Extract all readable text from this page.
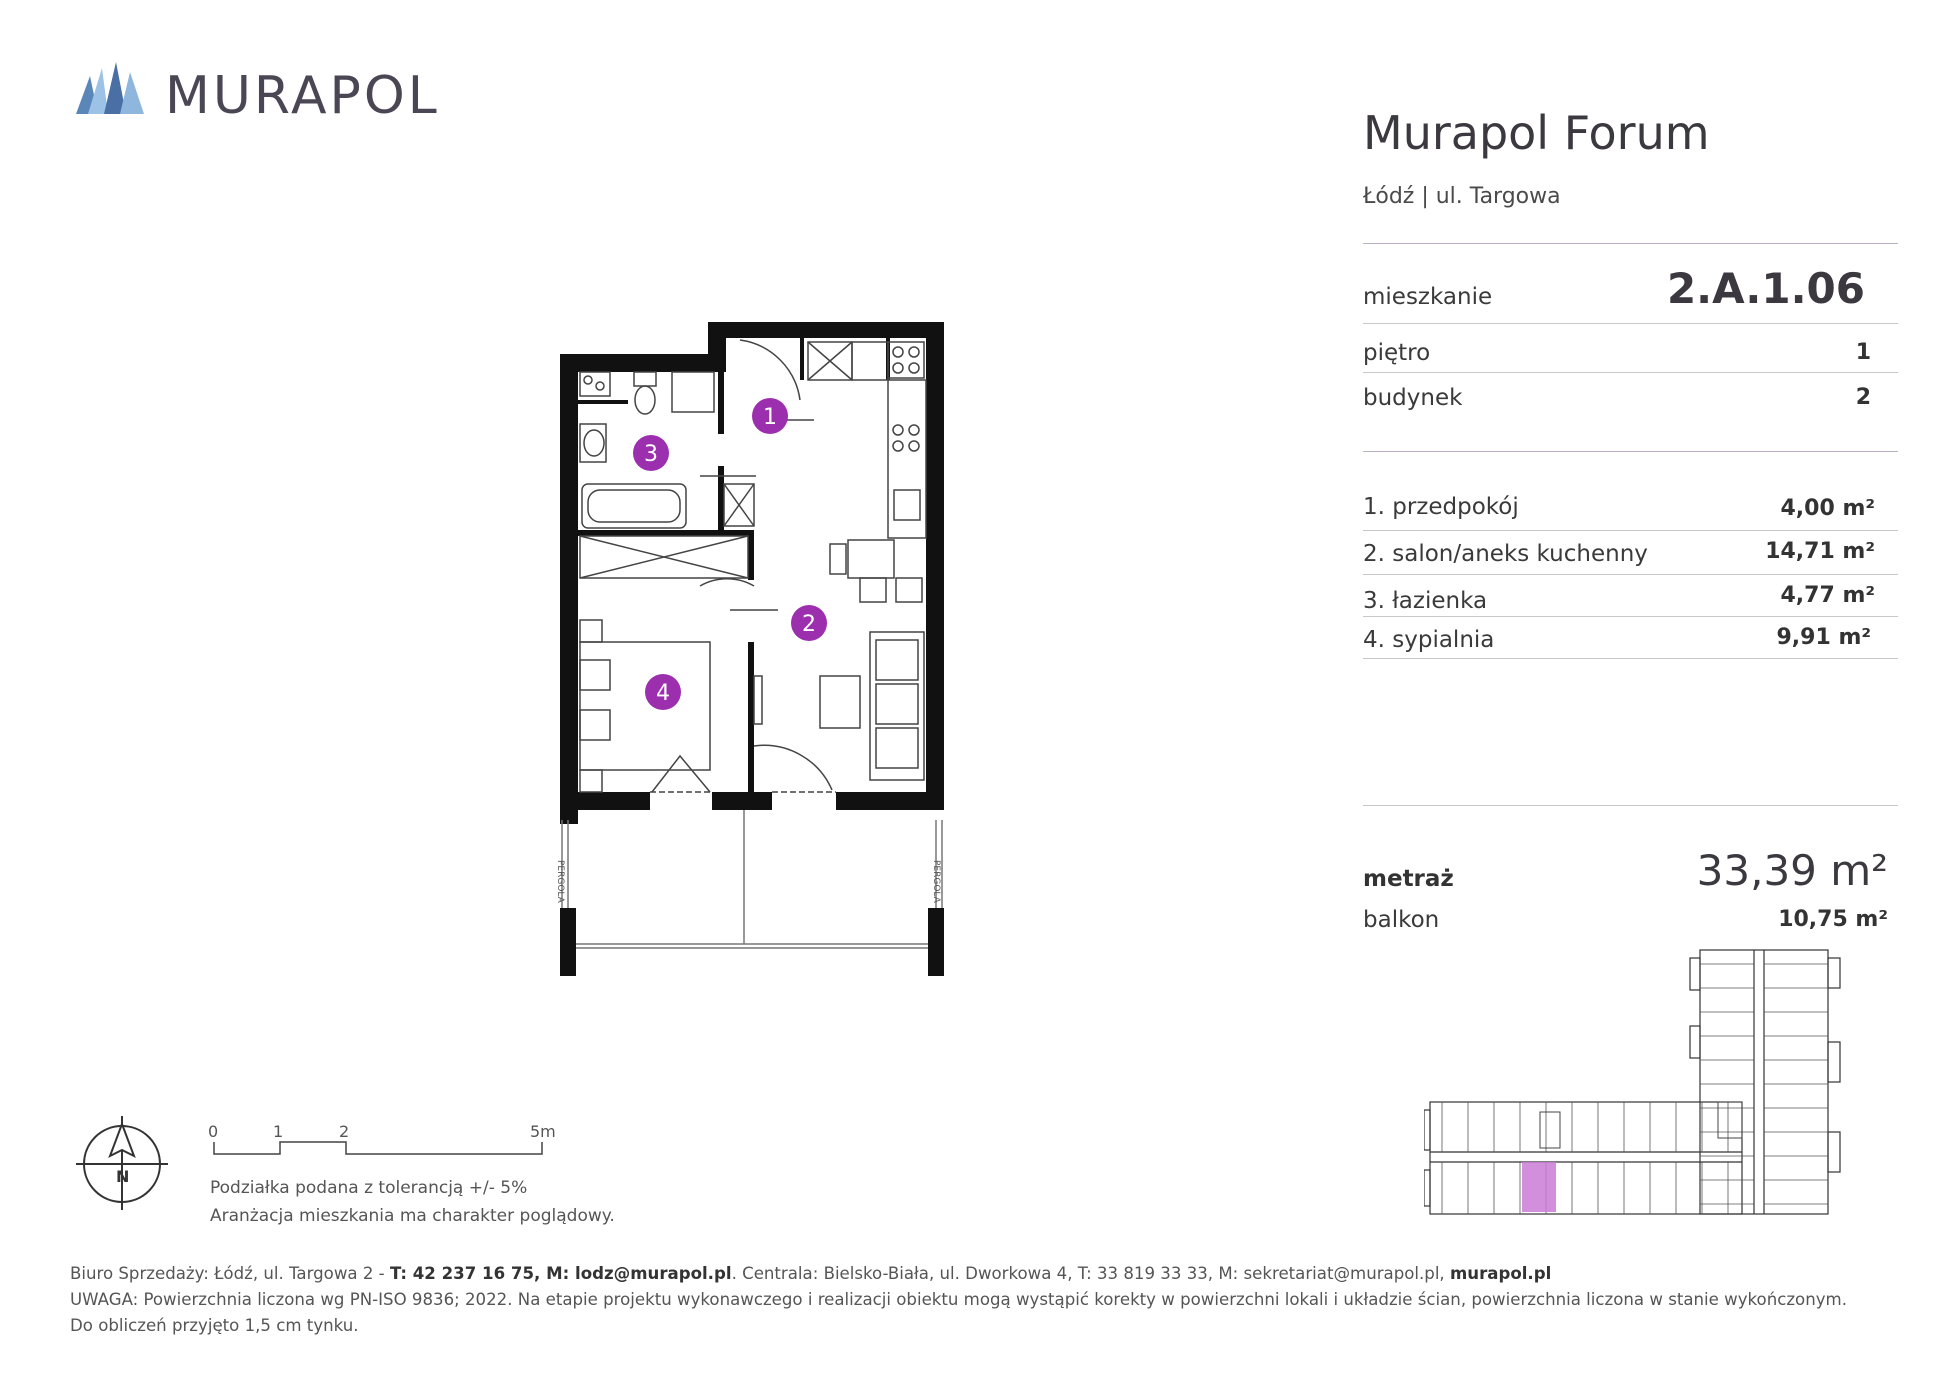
MURAPOL
PERGOLA
PERGOLA
1
2
3
4
N
0	1	2	5m
Podziałka podana z tolerancją +/- 5%
Aranżacja mieszkania ma charakter poglądowy.
Murapol Forum
Łódź | ul. Targowa
mieszkanie	2.A.1.06
piętro	1
budynek	2
1. przedpokój	4,00 m²
2. salon/aneks kuchenny	14,71 m²
3. łazienka	4,77 m²
4. sypialnia	9,91 m²
metraż	33,39 m²
balkon	10,75 m²
Biuro Sprzedaży: Łódź, ul. Targowa 2 - T: 42 237 16 75, M: lodz@murapol.pl. Centrala: Bielsko-Biała, ul. Dworkowa 4, T: 33 819 33 33, M: sekretariat@murapol.pl, murapol.pl
UWAGA: Powierzchnia liczona wg PN-ISO 9836; 2022. Na etapie projektu wykonawczego i realizacji obiektu mogą wystąpić korekty w powierzchni lokali i układzie ścian, powierzchnia liczona w stanie wykończonym.
Do obliczeń przyjęto 1,5 cm tynku.
